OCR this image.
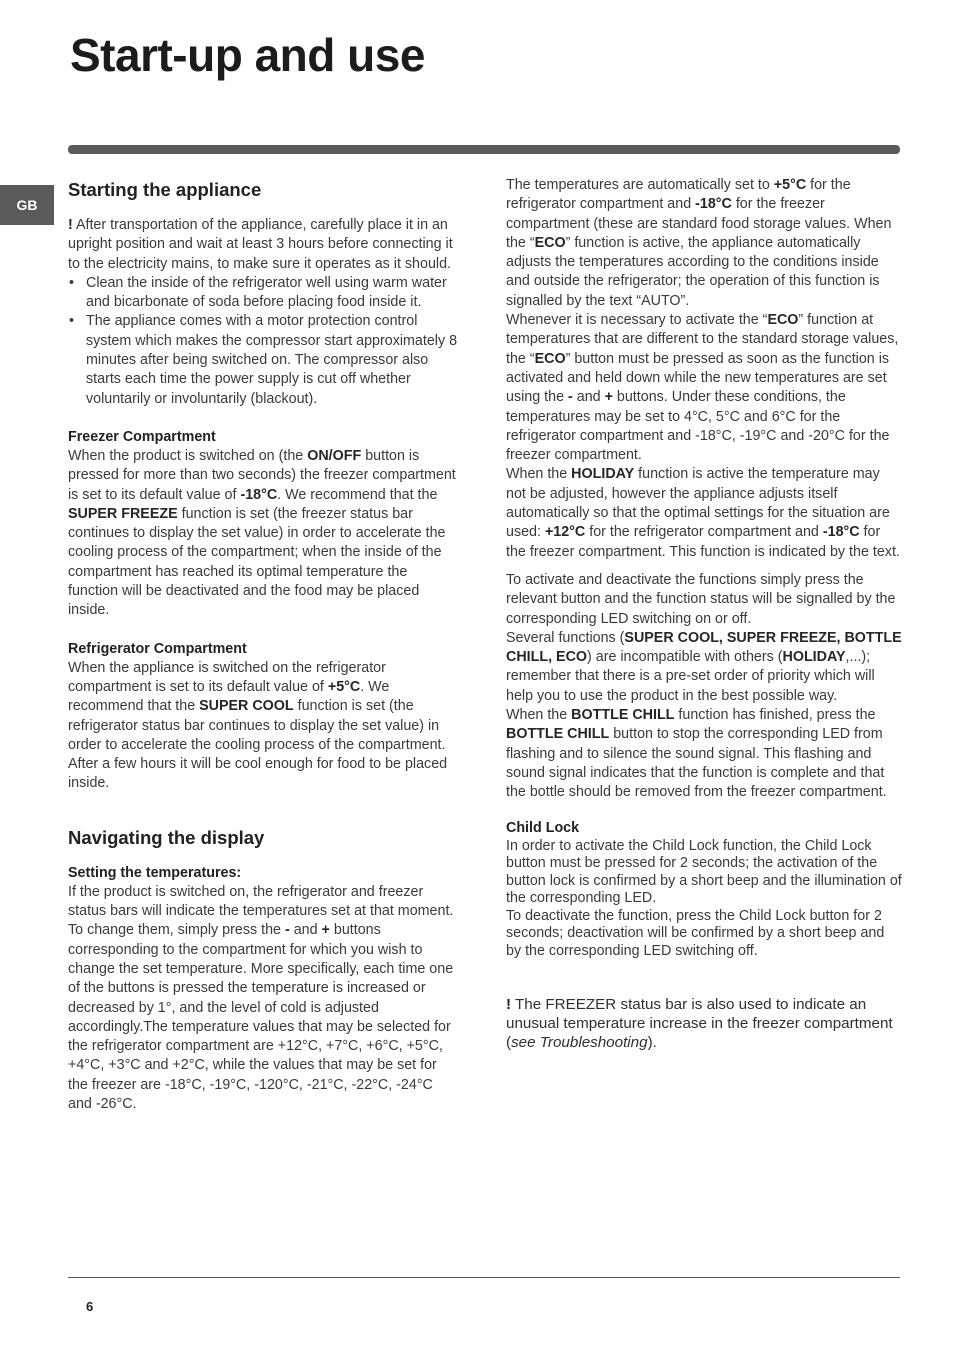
Start-up and use
GB
Starting the appliance

! After transportation of the appliance, carefully place it in an upright position and wait at least 3 hours before connecting it to the electricity mains, to make sure it operates as it should.

• Clean the inside of the refrigerator well using warm water and bicarbonate of soda before placing food inside it.
• The appliance comes with a motor protection control system which makes the compressor start approximately 8 minutes after being switched on. The compressor also starts each time the power supply is cut off whether voluntarily or involuntarily (blackout).
Freezer Compartment

When the product is switched on (the ON/OFF button is pressed for more than two seconds) the freezer compartment is set to its default value of -18°C. We recommend that the SUPER FREEZE function is set (the freezer status bar continues to display the set value) in order to accelerate the cooling process of the compartment; when the inside of the compartment has reached its optimal temperature the function will be deactivated and the food may be placed inside.

Refrigerator Compartment

When the appliance is switched on the refrigerator compartment is set to its default value of +5°C. We recommend that the SUPER COOL function is set (the refrigerator status bar continues to display the set value) in order to accelerate the cooling process of the compartment. After a few hours it will be cool enough for food to be placed inside.

Navigating the display
Setting the temperatures:

If the product is switched on, the refrigerator and freezer status bars will indicate the temperatures set at that moment. To change them, simply press the - and + buttons corresponding to the compartment for which you wish to change the set temperature. More specifically, each time one of the buttons is pressed the temperature is increased or decreased by 1°, and the level of cold is adjusted accordingly.The temperature values that may be selected for the refrigerator compartment are +12°C, +7°C, +6°C, +5°C, +4°C, +3°C and +2°C, while the values that may be set for the freezer are -18°C, -19°C, -120°C, -21°C, -22°C, -24°C and -26°C.

The temperatures are automatically set to +5°C for the refrigerator compartment and -18°C for the freezer compartment (these are standard food storage values. When the “ECO” function is active, the appliance automatically adjusts the temperatures according to the conditions inside and outside the refrigerator; the operation of this function is signalled by the text “AUTO”.

Whenever it is necessary to activate the “ECO” function at temperatures that are different to the standard storage values, the “ECO” button must be pressed as soon as the function is activated and held down while the new temperatures are set using the - and + buttons. Under these conditions, the temperatures may be set to 4°C, 5°C and 6°C for the refrigerator compartment and -18°C, -19°C and -20°C for the freezer compartment.

When the HOLIDAY function is active the temperature may not be adjusted, however the appliance adjusts itself automatically so that the optimal settings for the situation are used: +12°C for the refrigerator compartment and -18°C for the freezer compartment. This function is indicated by the text.

To activate and deactivate the functions simply press the relevant button and the function status will be signalled by the corresponding LED switching on or off.

Several functions (SUPER COOL, SUPER FREEZE, BOTTLE CHILL, ECO) are incompatible with others (HOLIDAY,...); remember that there is a pre-set order of priority which will help you to use the product in the best possible way.

When the BOTTLE CHILL function has finished, press the BOTTLE CHILL button to stop the corresponding LED from flashing and to silence the sound signal. This flashing and sound signal indicates that the function is complete and that the bottle should be removed from the freezer compartment.

Child Lock

In order to activate the Child Lock function, the Child Lock button must be pressed for 2 seconds; the activation of the button lock is confirmed by a short beep and the illumination of the corresponding LED.

To deactivate the function, press the Child Lock button for 2 seconds; deactivation will be confirmed by a short beep and by the corresponding LED switching off.

! The FREEZER status bar is also used to indicate an unusual temperature increase in the freezer compartment (see Troubleshooting).

6
